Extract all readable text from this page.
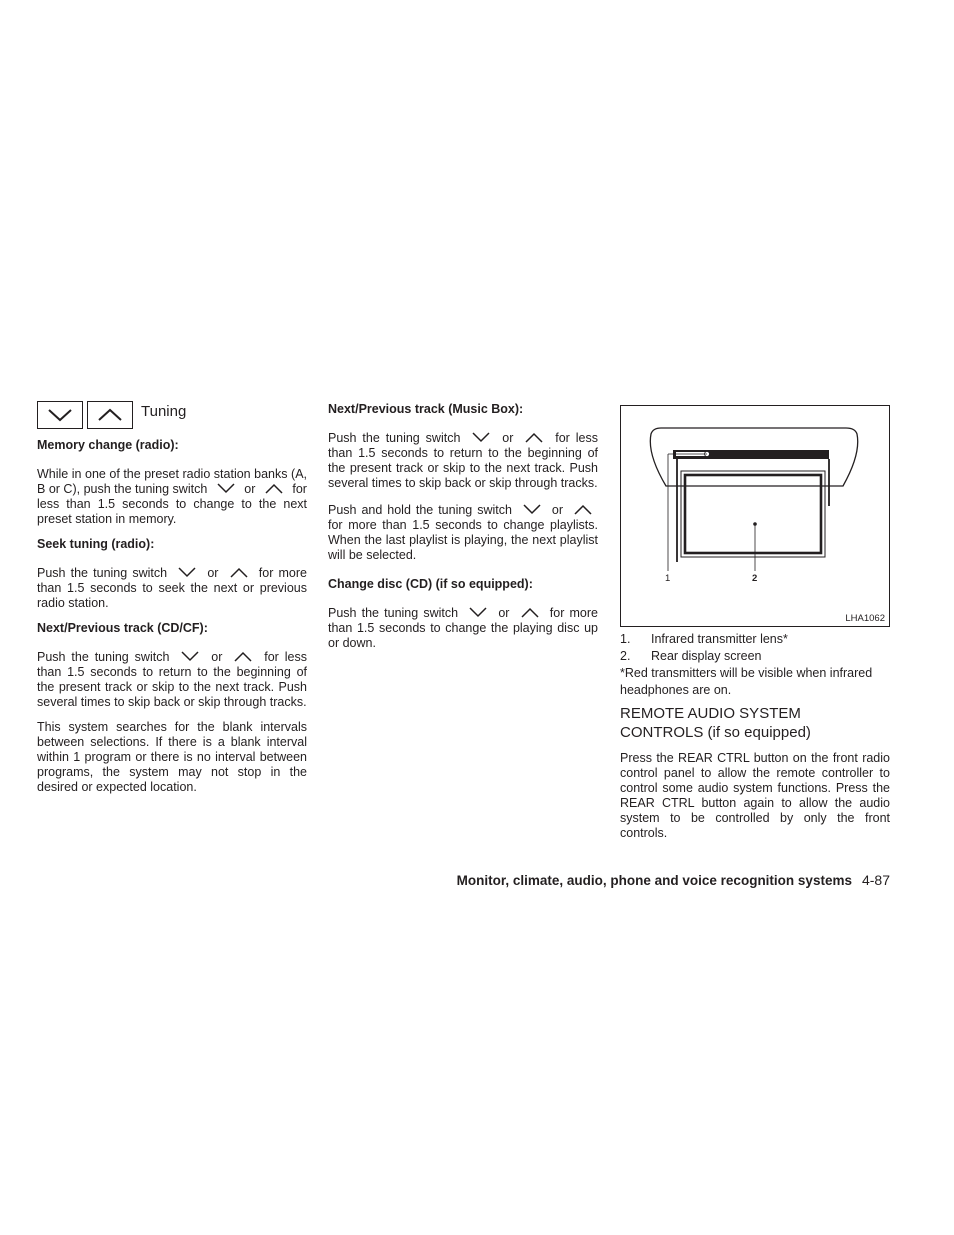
Tuning
Memory change (radio):

While in one of the preset radio station banks (A, B or C), push the tuning switch	or	for less than 1.5 seconds to change to the next preset station in memory.

Seek tuning (radio):

Push the tuning switch	or	for more than 1.5 seconds to seek the next or previous radio station.

Next/Previous track (CD/CF):

Push the tuning switch	or	for less than 1.5 seconds to return to the beginning of the present track or skip to the next track. Push several times to skip back or skip through tracks.

This system searches for the blank intervals between selections. If there is a blank interval within 1 program or there is no interval between programs, the system may not stop in the desired or expected location.

Next/Previous track (Music Box):

Push the tuning switch	or	for less than 1.5 seconds to return to the beginning of the present track or skip to the next track. Push several times to skip back or skip through tracks.

Push and hold the tuning switch	or  for more than 1.5 seconds to change playlists. When the last playlist is playing, the next playlist will be selected.

Change disc (CD) (if so equipped):

Push the tuning switch	or	for more than 1.5 seconds to change the playing disc up or down.

1	2
LHA1062
1.	Infrared transmitter lens*
2.	Rear display screen
*Red transmitters will be visible when infrared headphones are on.
REMOTE AUDIO SYSTEM
CONTROLS (if so equipped)

Press the REAR CTRL button on the front radio control panel to allow the remote controller to control some audio system functions. Press the REAR CTRL button again to allow the audio system to be controlled by only the front controls.

Monitor, climate, audio, phone and voice recognition systems 4-87
